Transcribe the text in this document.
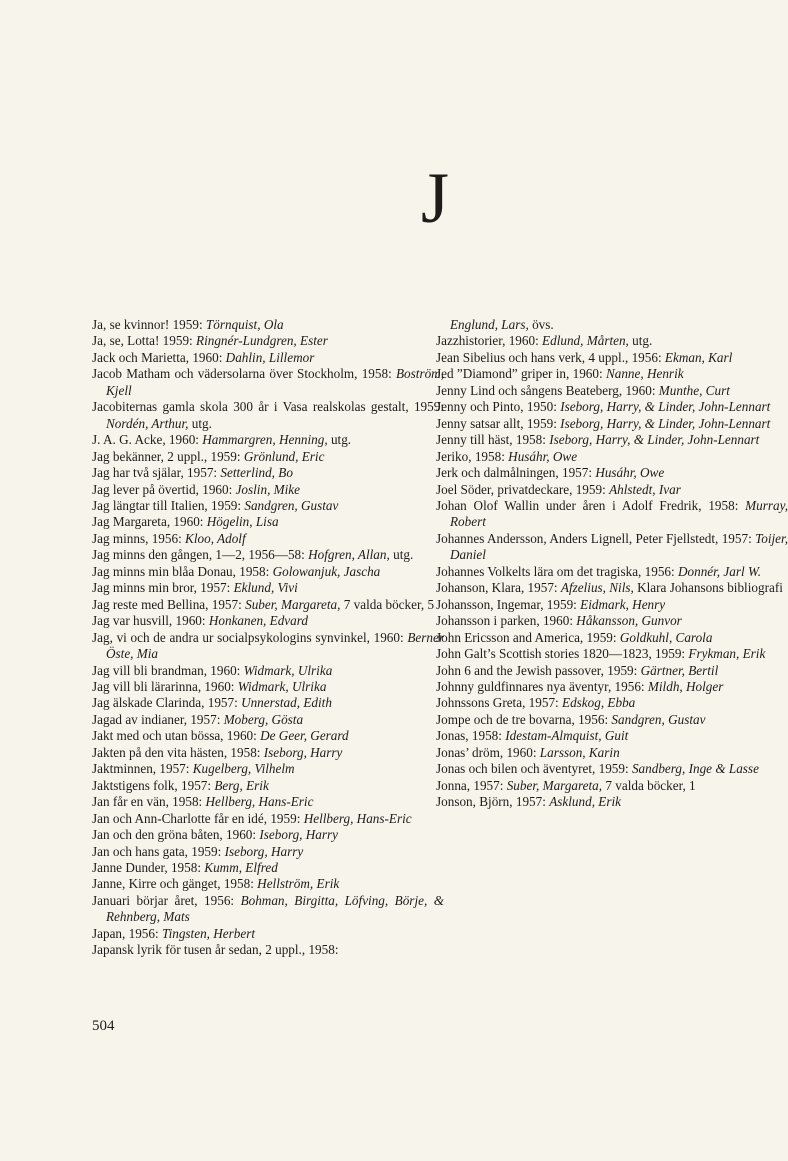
J

Ja, se kvinnor! 1959: Törnquist, Ola

Ja, se, Lotta! 1959: Ringnér-Lundgren, Ester

Jack och Marietta, 1960: Dahlin, Lillemor

Jacob Matham och vädersolarna över Stockholm, 1958: Boström, Kjell

Jacobiternas gamla skola 300 år i Vasa realskolas gestalt, 1959: Nordén, Arthur, utg.

J. A. G. Acke, 1960: Hammargren, Henning, utg.

Jag bekänner, 2 uppl., 1959: Grönlund, Eric

Jag har två själar, 1957: Setterlind, Bo

Jag lever på övertid, 1960: Joslin, Mike

Jag längtar till Italien, 1959: Sandgren, Gustav

Jag Margareta, 1960: Högelin, Lisa

Jag minns, 1956: Kloo, Adolf

Jag minns den gången, 1—2, 1956—58: Hofgren, Allan, utg.

Jag minns min blåa Donau, 1958: Golowanjuk, Jascha

Jag minns min bror, 1957: Eklund, Vivi

Jag reste med Bellina, 1957: Suber, Margareta, 7 valda böcker, 5

Jag var husvill, 1960: Honkanen, Edvard

Jag, vi och de andra ur socialpsykologins synvinkel, 1960: Berner Öste, Mia

Jag vill bli brandman, 1960: Widmark, Ulrika

Jag vill bli lärarinna, 1960: Widmark, Ulrika

Jag älskade Clarinda, 1957: Unnerstad, Edith

Jagad av indianer, 1957: Moberg, Gösta

Jakt med och utan bössa, 1960: De Geer, Gerard

Jakten på den vita hästen, 1958: Iseborg, Harry

Jaktminnen, 1957: Kugelberg, Vilhelm

Jaktstigens folk, 1957: Berg, Erik

Jan får en vän, 1958: Hellberg, Hans-Eric

Jan och Ann-Charlotte får en idé, 1959: Hellberg, Hans-Eric

Jan och den gröna båten, 1960: Iseborg, Harry

Jan och hans gata, 1959: Iseborg, Harry

Janne Dunder, 1958: Kumm, Elfred

Janne, Kirre och gänget, 1958: Hellström, Erik

Januari börjar året, 1956: Bohman, Birgitta, Löfving, Börje, & Rehnberg, Mats

Japan, 1956: Tingsten, Herbert

Japansk lyrik för tusen år sedan, 2 uppl., 1958:

Englund, Lars, övs.

Jazzhistorier, 1960: Edlund, Mårten, utg.

Jean Sibelius och hans verk, 4 uppl., 1956: Ekman, Karl

Jed ”Diamond” griper in, 1960: Nanne, Henrik

Jenny Lind och sångens Beateberg, 1960: Munthe, Curt

Jenny och Pinto, 1950: Iseborg, Harry, & Linder, John-Lennart

Jenny satsar allt, 1959: Iseborg, Harry, & Linder, John-Lennart

Jenny till häst, 1958: Iseborg, Harry, & Linder, John-Lennart

Jeriko, 1958: Husáhr, Owe

Jerk och dalmålningen, 1957: Husáhr, Owe

Joel Söder, privatdeckare, 1959: Ahlstedt, Ivar

Johan Olof Wallin under åren i Adolf Fredrik, 1958: Murray, Robert

Johannes Andersson, Anders Lignell, Peter Fjellstedt, 1957: Toijer, Daniel

Johannes Volkelts lära om det tragiska, 1956: Donnér, Jarl W.

Johanson, Klara, 1957: Afzelius, Nils, Klara Johansons bibliografi

Johansson, Ingemar, 1959: Eidmark, Henry

Johansson i parken, 1960: Håkansson, Gunvor

John Ericsson and America, 1959: Goldkuhl, Carola

John Galt’s Scottish stories 1820—1823, 1959: Frykman, Erik

John 6 and the Jewish passover, 1959: Gärtner, Bertil

Johnny guldfinnares nya äventyr, 1956: Mildh, Holger

Johnssons Greta, 1957: Edskog, Ebba

Jompe och de tre bovarna, 1956: Sandgren, Gustav

Jonas, 1958: Idestam-Almquist, Guit

Jonas’ dröm, 1960: Larsson, Karin

Jonas och bilen och äventyret, 1959: Sandberg, Inge & Lasse

Jonna, 1957: Suber, Margareta, 7 valda böcker, 1

Jonson, Björn, 1957: Asklund, Erik

504
